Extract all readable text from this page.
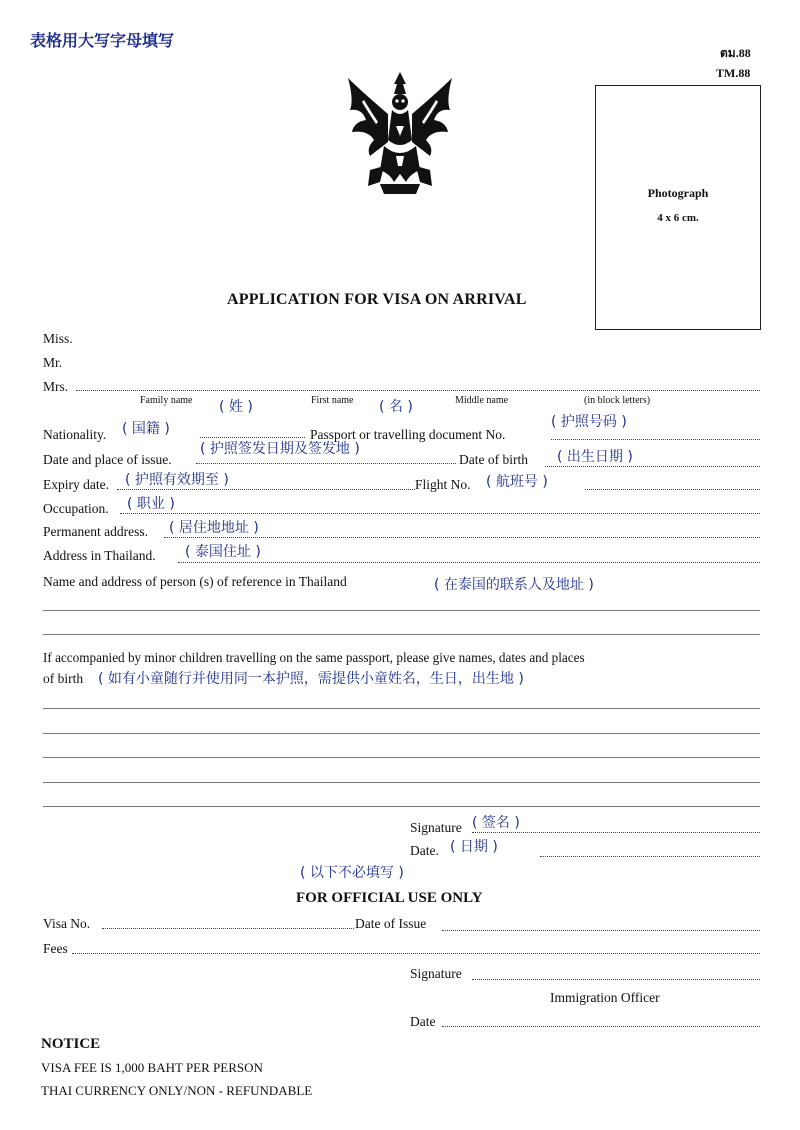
表格用大写字母填写
ตม.88
TM.88
Photograph
4 x 6 cm.
APPLICATION FOR VISA ON ARRIVAL
Miss.
Mr.
Mrs.
Family name ( 姓 )	First name ( 名 )	Middle name	(in block letters)
Nationality. ( 国籍 )	Passport or travelling document No.
( 护照号码 )
Date and place of issue.
( 护照签发日期及签发地 )
Date of birth ( 出生日期 )
Expiry date. ( 护照有效期至 )	Flight No. ( 航班号 )
Occupation. ( 职业 )
Permanent address. ( 居住地地址 )
Address in Thailand. ( 泰国住址 )
Name and address of person (s) of reference in Thailand	( 在泰国的联系人及地址 )
If accompanied by minor children travelling on the same passport, please give names, dates and places
of birth ( 如有小童随行并使用同一本护照，需提供小童姓名，生日，出生地 )
Signature ( 签名 )
Date. ( 日期 )
( 以下不必填写 )
FOR OFFICIAL USE ONLY
Visa No.	Date of Issue
Fees
Signature
Immigration Officer
Date
NOTICE
VISA FEE IS 1,000 BAHT PER PERSON
THAI CURRENCY ONLY/NON - REFUNDABLE
